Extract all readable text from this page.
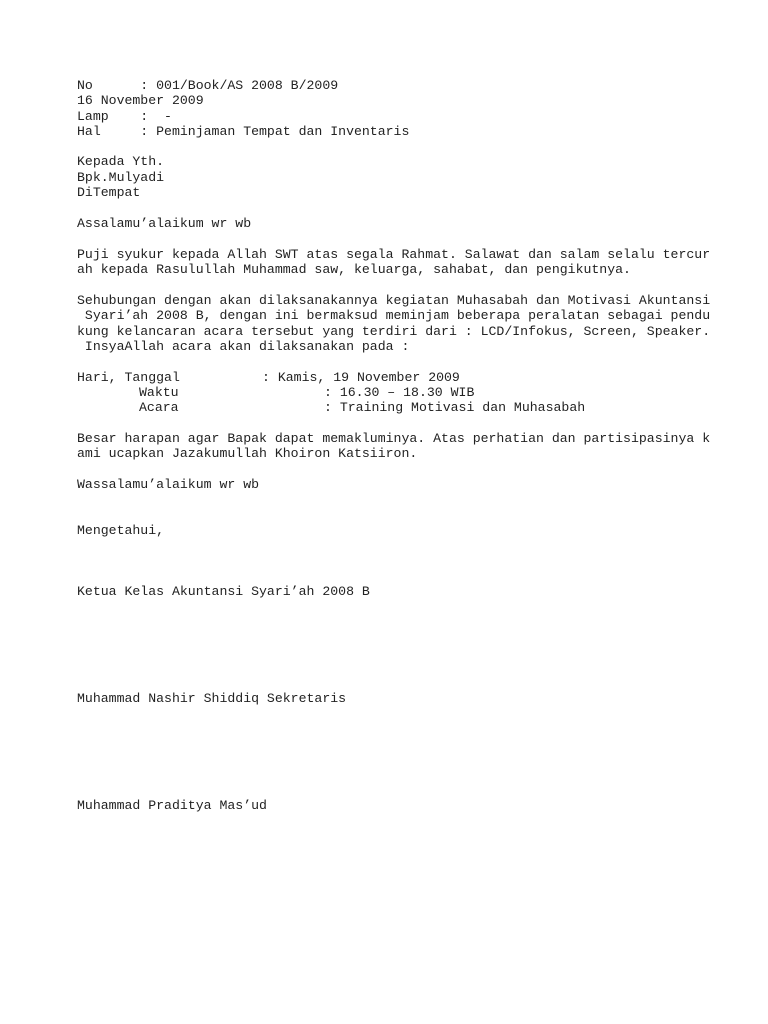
No      : 001/Book/AS 2008 B/2009
16 November 2009
Lamp    :  -
Hal     : Peminjaman Tempat dan Inventaris
Kepada Yth.
Bpk.Mulyadi
DiTempat
Assalamu’alaikum wr wb
Puji syukur kepada Allah SWT atas segala Rahmat. Salawat dan salam selalu tercur
ah kepada Rasulullah Muhammad saw, keluarga, sahabat, dan pengikutnya.
Sehubungan dengan akan dilaksanakannya kegiatan Muhasabah dan Motivasi Akuntansi
Syari’ah 2008 B, dengan ini bermaksud meminjam beberapa peralatan sebagai pendu
kung kelancaran acara tersebut yang terdiri dari : LCD/Infokus, Screen, Speaker.
InsyaAllah acara akan dilaksanakan pada :
Hari, Tanggal	: Kamis, 19 November 2009
Waktu	: 16.30 – 18.30 WIB
Acara	: Training Motivasi dan Muhasabah
Besar harapan agar Bapak dapat memakluminya. Atas perhatian dan partisipasinya k
ami ucapkan Jazakumullah Khoiron Katsiiron.
Wassalamu’alaikum wr wb
Mengetahui,
Ketua Kelas Akuntansi Syari’ah 2008 B
Muhammad Nashir Shiddiq Sekretaris
Muhammad Praditya Mas’ud
